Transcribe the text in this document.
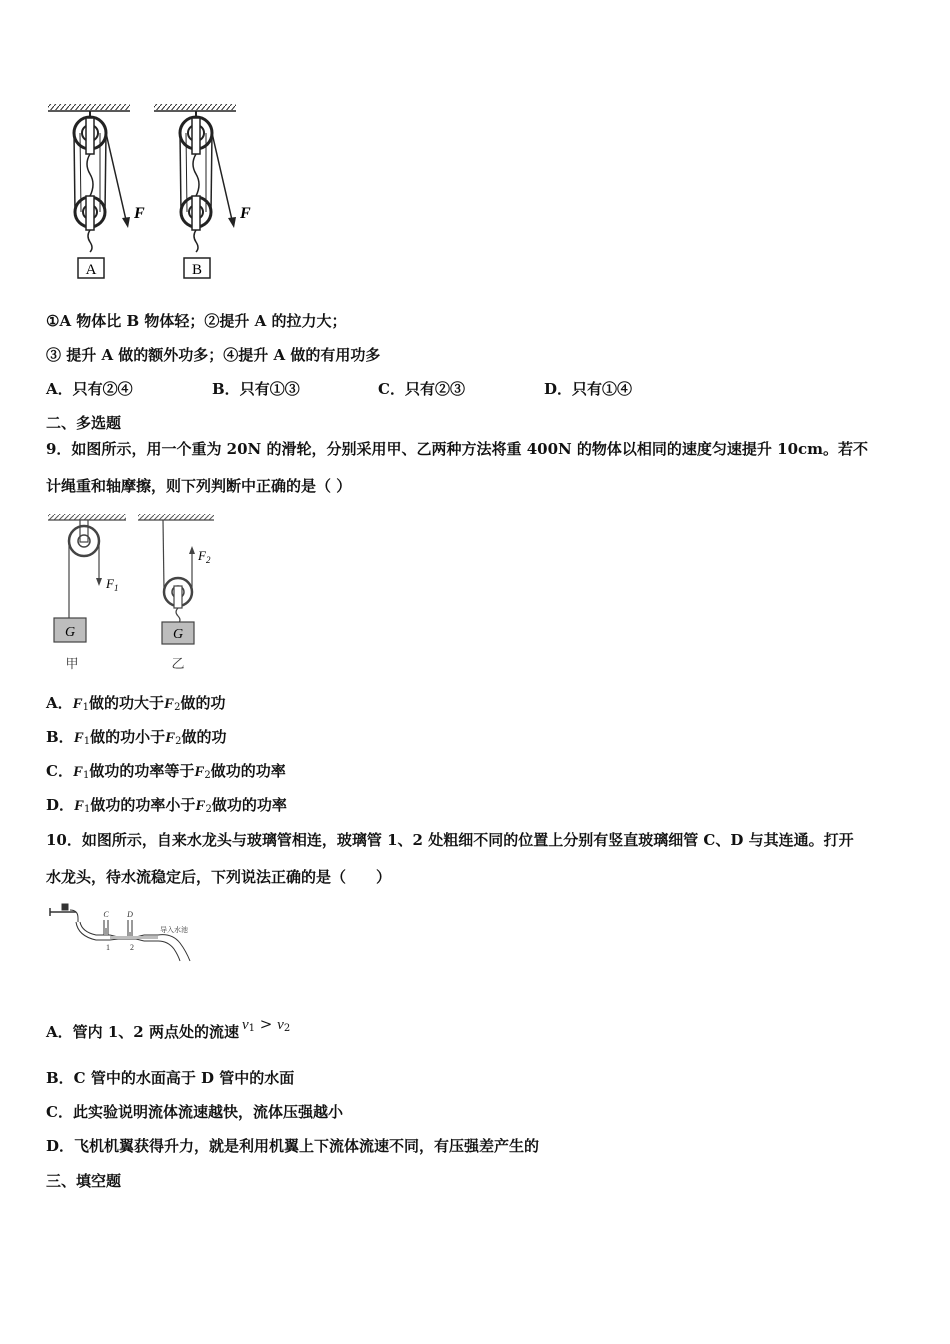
A
F
B
F
①A 物体比 B 物体轻；②提升 A 的拉力大；
③ 提升 A 做的额外功多；④提升 A 做的有用功多
A．只有②④	B．只有①③	C．只有②③	D．只有①④
二、多选题
9．如图所示，用一个重为 20N 的滑轮，分别采用甲、乙两种方法将重 400N 的物体以相同的速度匀速提升 10cm。若不
计绳重和轴摩擦，则下列判断中正确的是（ ）
$F_1$
G
甲
$F_2$
G
乙
A．$F_1$做的功大于$F_2$做的功
B．$F_1$做的功小于$F_2$做的功
C．$F_1$做功的功率等于$F_2$做功的功率
D．$F_1$做功的功率小于$F_2$做功的功率
10．如图所示，自来水龙头与玻璃管相连，玻璃管 1、2 处粗细不同的位置上分别有竖直玻璃细管 C、D 与其连通。打开
水龙头，待水流稳定后，下列说法正确的是（　　）
C D
1	2
导入水池
A．管内 1、2 两点处的流速 $v_1 > v_2$
B．C 管中的水面高于 D 管中的水面
C．此实验说明流体流速越快，流体压强越小
D．飞机机翼获得升力，就是利用机翼上下流体流速不同，有压强差产生的
三、填空题
